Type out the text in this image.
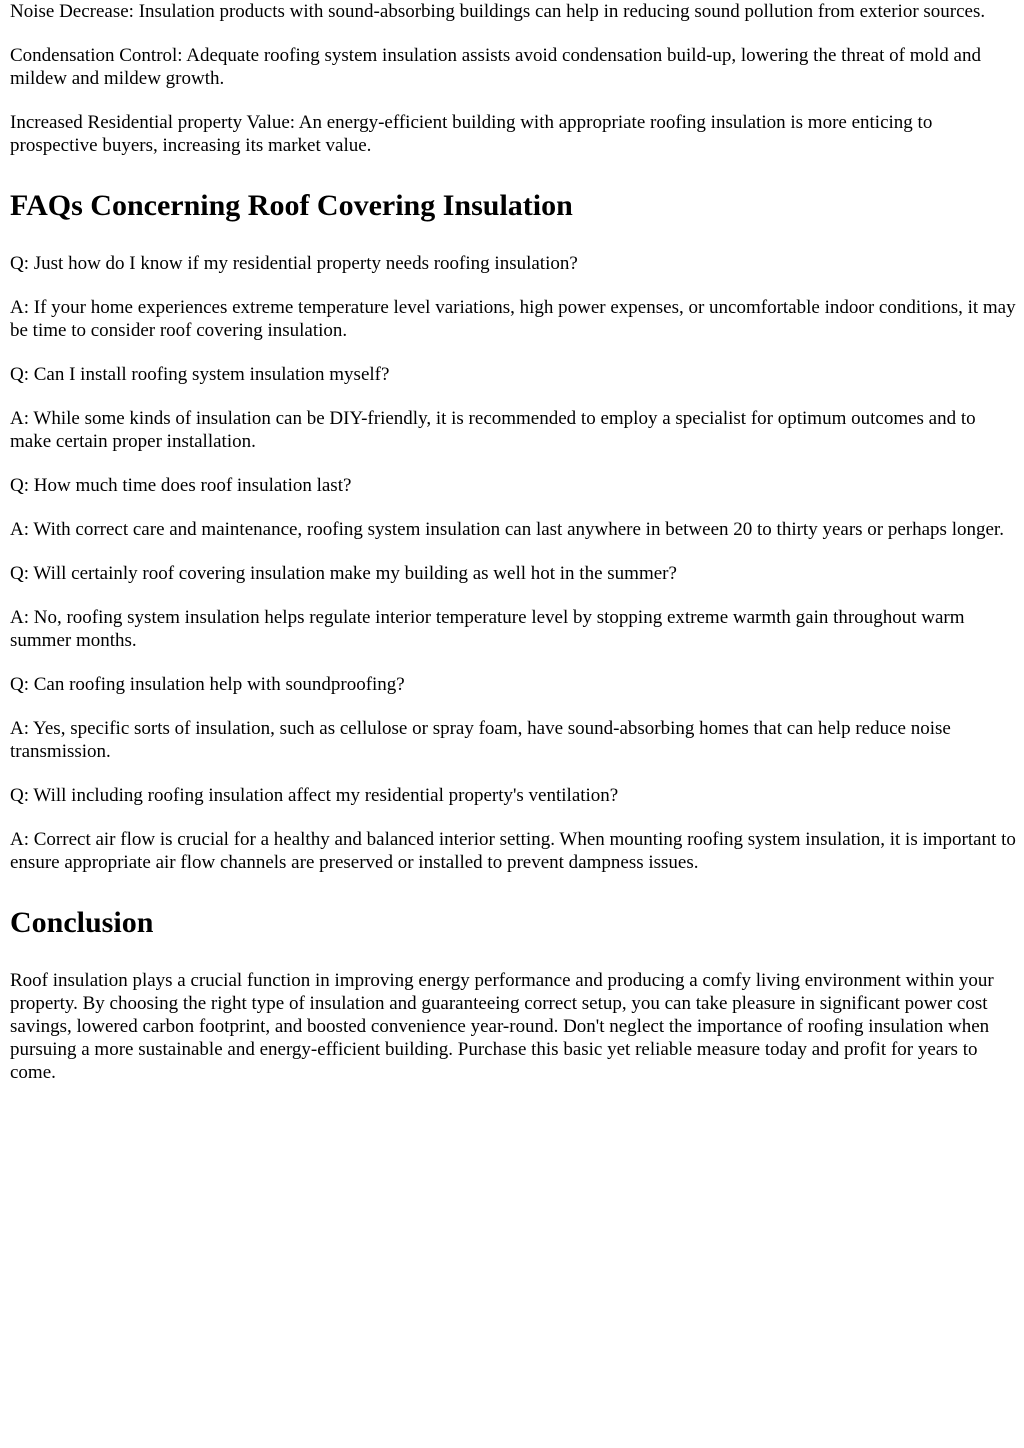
Noise Decrease: Insulation products with sound-absorbing buildings can help in reducing sound pollution from exterior sources.

Condensation Control: Adequate roofing system insulation assists avoid condensation build-up, lowering the threat of mold and mildew and mildew growth.

Increased Residential property Value: An energy-efficient building with appropriate roofing insulation is more enticing to prospective buyers, increasing its market value.

FAQs Concerning Roof Covering Insulation

Q: Just how do I know if my residential property needs roofing insulation?

A: If your home experiences extreme temperature level variations, high power expenses, or uncomfortable indoor conditions, it may be time to consider roof covering insulation.

Q: Can I install roofing system insulation myself?

A: While some kinds of insulation can be DIY-friendly, it is recommended to employ a specialist for optimum outcomes and to make certain proper installation.

Q: How much time does roof insulation last?

A: With correct care and maintenance, roofing system insulation can last anywhere in between 20 to thirty years or perhaps longer.

Q: Will certainly roof covering insulation make my building as well hot in the summer?

A: No, roofing system insulation helps regulate interior temperature level by stopping extreme warmth gain throughout warm summer months.

Q: Can roofing insulation help with soundproofing?

A: Yes, specific sorts of insulation, such as cellulose or spray foam, have sound-absorbing homes that can help reduce noise transmission.

Q: Will including roofing insulation affect my residential property's ventilation?

A: Correct air flow is crucial for a healthy and balanced interior setting. When mounting roofing system insulation, it is important to ensure appropriate air flow channels are preserved or installed to prevent dampness issues.

Conclusion

Roof insulation plays a crucial function in improving energy performance and producing a comfy living environment within your property. By choosing the right type of insulation and guaranteeing correct setup, you can take pleasure in significant power cost savings, lowered carbon footprint, and boosted convenience year-round. Don't neglect the importance of roofing insulation when pursuing a more sustainable and energy-efficient building. Purchase this basic yet reliable measure today and profit for years to come.
